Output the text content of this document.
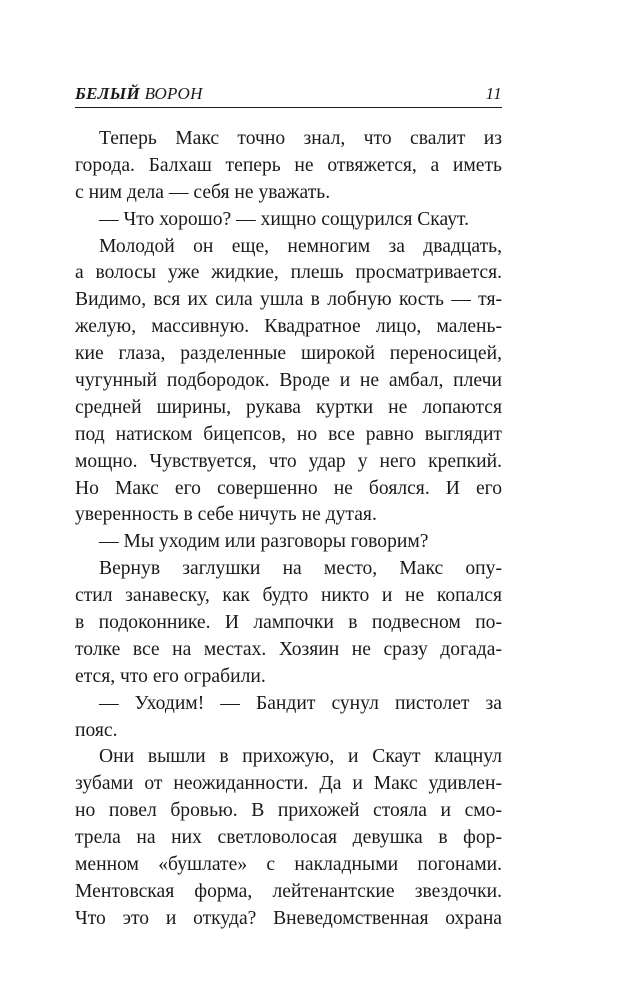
БЕЛЫЙ ВОРОН	11
Теперь Макс точно знал, что свалит из
города. Балхаш теперь не отвяжется, а иметь
с ним дела — себя не уважать.
— Что хорошо? — хищно сощурился Скаут.
Молодой он еще, немногим за двадцать,
а волосы уже жидкие, плешь просматривается.
Видимо, вся их сила ушла в лобную кость — тя-
желую, массивную. Квадратное лицо, малень-
кие глаза, разделенные широкой переносицей,
чугунный подбородок. Вроде и не амбал, плечи
средней ширины, рукава куртки не лопаются
под натиском бицепсов, но все равно выглядит
мощно. Чувствуется, что удар у него крепкий.
Но Макс его совершенно не боялся. И его
уверенность в себе ничуть не дутая.
— Мы уходим или разговоры говорим?
Вернув заглушки на место, Макс опу-
стил занавеску, как будто никто и не копался
в подоконнике. И лампочки в подвесном по-
толке все на местах. Хозяин не сразу догада-
ется, что его ограбили.
— Уходим! — Бандит сунул пистолет за
пояс.
Они вышли в прихожую, и Скаут клацнул
зубами от неожиданности. Да и Макс удивлен-
но повел бровью. В прихожей стояла и смо-
трела на них светловолосая девушка в фор-
менном «бушлате» с накладными погонами.
Ментовская форма, лейтенантские звездочки.
Что это и откуда? Вневедомственная охрана
